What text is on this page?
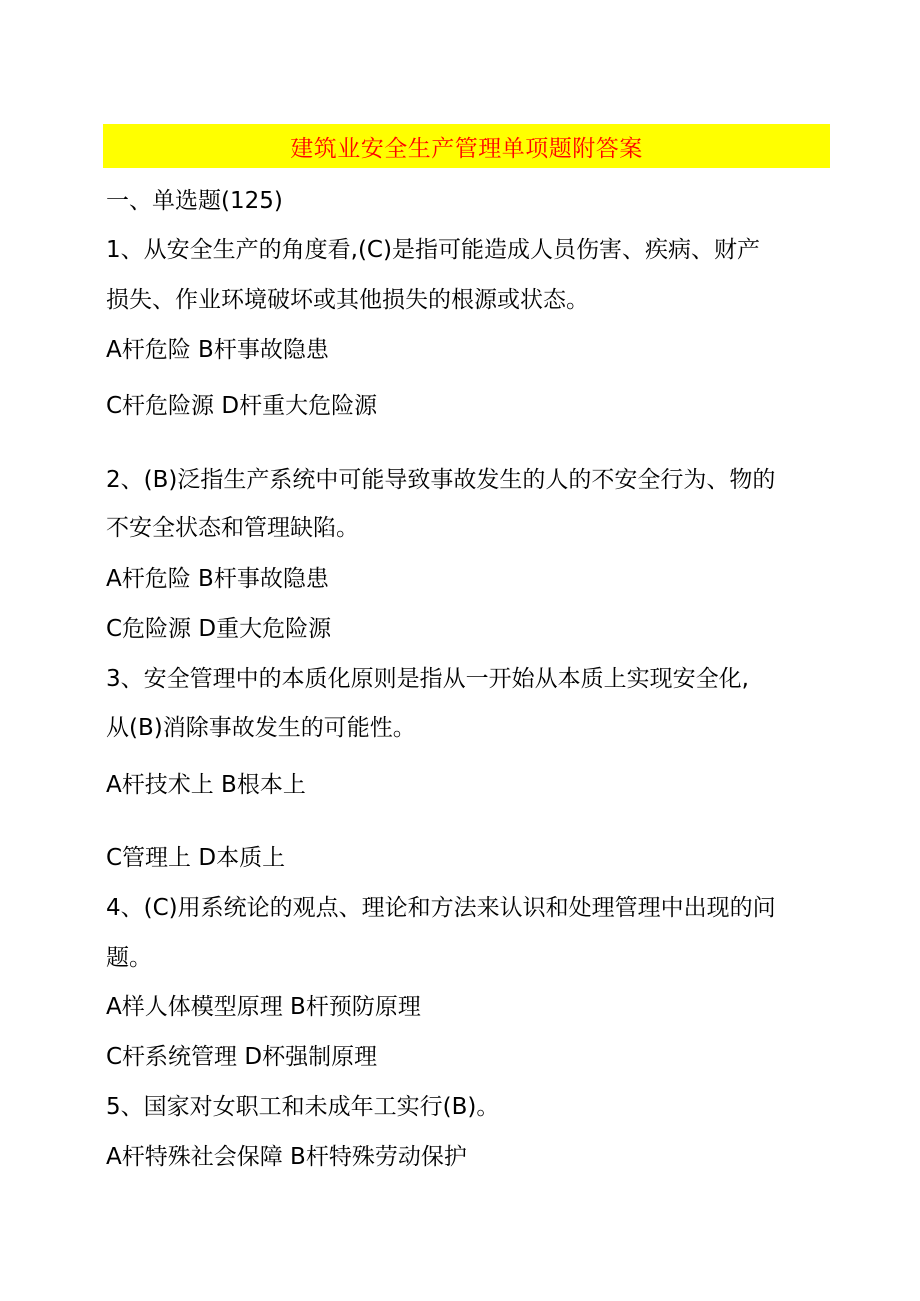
建筑业安全生产管理单项题附答案
一、单选题(125)
1、从安全生产的角度看,(C)是指可能造成人员伤害、疾病、财产
损失、作业环境破坏或其他损失的根源或状态。
A杆危险 B杆事故隐患
C杆危险源 D杆重大危险源
2、(B)泛指生产系统中可能导致事故发生的人的不安全行为、物的
不安全状态和管理缺陷。
A杆危险 B杆事故隐患
C危险源 D重大危险源
3、安全管理中的本质化原则是指从一开始从本质上实现安全化,
从(B)消除事故发生的可能性。
A杆技术上 B根本上
C管理上 D本质上
4、(C)用系统论的观点、理论和方法来认识和处理管理中出现的问
题。
A样人体模型原理 B杆预防原理
C杆系统管理 D杯强制原理
5、国家对女职工和未成年工实行(B)。
A杆特殊社会保障 B杆特殊劳动保护
